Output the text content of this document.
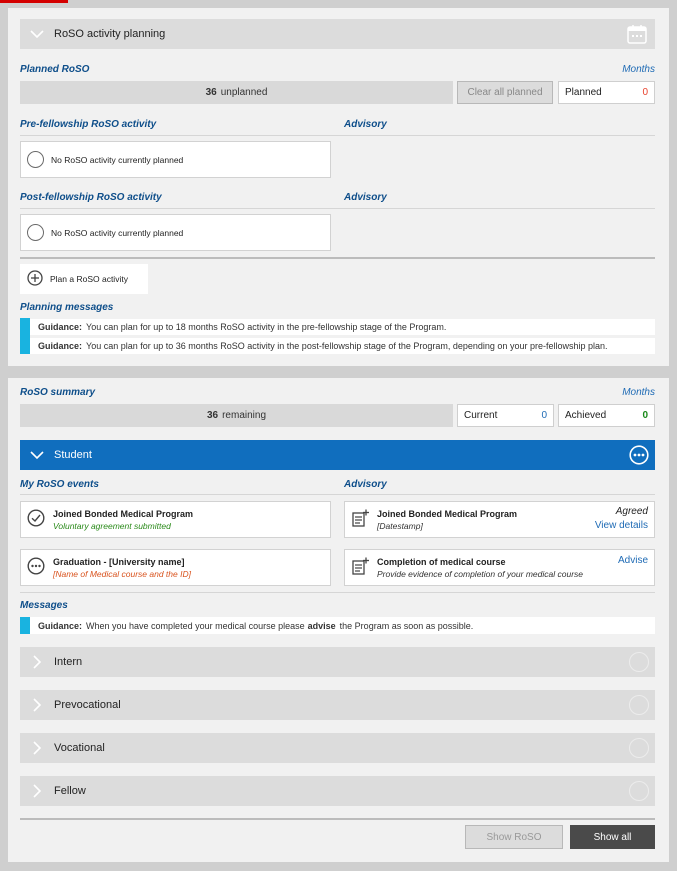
RoSO activity planning
Planned RoSO	Months
36 unplanned	Clear all planned	Planned	0
Pre-fellowship RoSO activity	Advisory
No RoSO activity currently planned
Post-fellowship RoSO activity	Advisory
No RoSO activity currently planned
Plan a RoSO activity
Planning messages
Guidance: You can plan for up to 18 months RoSO activity in the pre-fellowship stage of the Program.
Guidance: You can plan for up to 36 months RoSO activity in the post-fellowship stage of the Program, depending on your pre-fellowship plan.
RoSO summary	Months
36 remaining	Current	0 Achieved	0
Student
My RoSO events	Advisory
Joined Bonded Medical Program
Voluntary agreement submitted
Joined Bonded Medical Program
[Datestamp]
Agreed
View details
Graduation - [University name]
[Name of Medical course and the ID]
Completion of medical course
Provide evidence of completion of your medical course
Advise
Messages
Guidance: When you have completed your medical course please advise the Program as soon as possible.
Intern
Prevocational
Vocational
Fellow
Show RoSO	Show all
